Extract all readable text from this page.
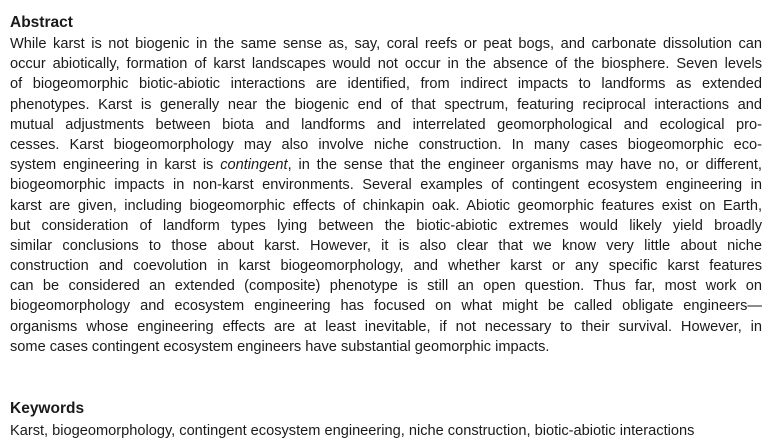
Abstract
While karst is not biogenic in the same sense as, say, coral reefs or peat bogs, and carbonate dissolution can
occur abiotically, formation of karst landscapes would not occur in the absence of the biosphere. Seven levels
of biogeomorphic biotic-abiotic interactions are identified, from indirect impacts to landforms as extended
phenotypes. Karst is generally near the biogenic end of that spectrum, featuring reciprocal interactions and
mutual adjustments between biota and landforms and interrelated geomorphological and ecological pro-
cesses. Karst biogeomorphology may also involve niche construction. In many cases biogeomorphic eco-
system engineering in karst is contingent, in the sense that the engineer organisms may have no, or different,
biogeomorphic impacts in non-karst environments. Several examples of contingent ecosystem engineering in
karst are given, including biogeomorphic effects of chinkapin oak. Abiotic geomorphic features exist on Earth,
but consideration of landform types lying between the biotic-abiotic extremes would likely yield broadly
similar conclusions to those about karst. However, it is also clear that we know very little about niche
construction and coevolution in karst biogeomorphology, and whether karst or any specific karst features
can be considered an extended (composite) phenotype is still an open question. Thus far, most work on
biogeomorphology and ecosystem engineering has focused on what might be called obligate engineers—
organisms whose engineering effects are at least inevitable, if not necessary to their survival. However, in
some cases contingent ecosystem engineers have substantial geomorphic impacts.
Keywords
Karst, biogeomorphology, contingent ecosystem engineering, niche construction, biotic-abiotic interactions
